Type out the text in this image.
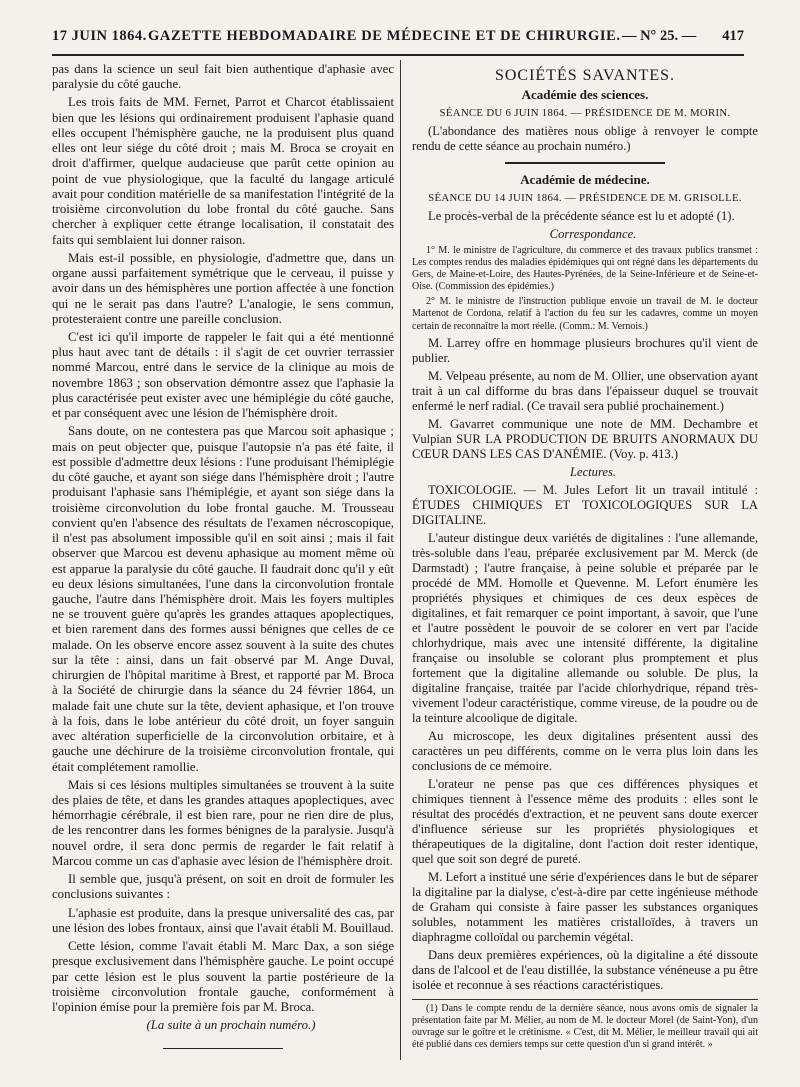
17 JUIN 1864. GAZETTE HEBDOMADAIRE DE MÉDECINE ET DE CHIRURGIE. — N° 25. — 417

pas dans la science un seul fait bien authentique d'aphasie avec paralysie du côté gauche.

Les trois faits de MM. Fernet, Parrot et Charcot établissaient bien que les lésions qui ordinairement produisent l'aphasie quand elles occupent l'hémisphère gauche, ne la produisent plus quand elles ont leur siége du côté droit ; mais M. Broca se croyait en droit d'affirmer, quelque audacieuse que parût cette opinion au point de vue physiologique, que la faculté du langage articulé avait pour condition matérielle de sa manifestation l'intégrité de la troisième circonvolution du lobe frontal du côté gauche. Sans chercher à expliquer cette étrange localisation, il constatait des faits qui semblaient lui donner raison.

Mais est-il possible, en physiologie, d'admettre que, dans un organe aussi parfaitement symétrique que le cerveau, il puisse y avoir dans un des hémisphères une portion affectée à une fonction qui ne le serait pas dans l'autre? L'analogie, le sens commun, protesteraient contre une pareille conclusion.

C'est ici qu'il importe de rappeler le fait qui a été mentionné plus haut avec tant de détails : il s'agit de cet ouvrier terrassier nommé Marcou, entré dans le service de la clinique au mois de novembre 1863 ; son observation démontre assez que l'aphasie la plus caractérisée peut exister avec une hémiplégie du côté gauche, et par conséquent avec une lésion de l'hémisphère droit.

Sans doute, on ne contestera pas que Marcou soit aphasique ; mais on peut objecter que, puisque l'autopsie n'a pas été faite, il est possible d'admettre deux lésions : l'une produisant l'hémiplégie du côté gauche, et ayant son siége dans l'hémisphère droit ; l'autre produisant l'aphasie sans l'hémiplégie, et ayant son siége dans la troisième circonvolution du lobe frontal gauche. M. Trousseau convient qu'en l'absence des résultats de l'examen nécroscopique, il n'est pas absolument impossible qu'il en soit ainsi ; mais il fait observer que Marcou est devenu aphasique au moment même où est apparue la paralysie du côté gauche. Il faudrait donc qu'il y eût eu deux lésions simultanées, l'une dans la circonvolution frontale gauche, l'autre dans l'hémisphère droit. Mais les foyers multiples ne se trouvent guère qu'après les grandes attaques apoplectiques, et bien rarement dans des formes aussi bénignes que celles de ce malade. On les observe encore assez souvent à la suite des chutes sur la tête : ainsi, dans un fait observé par M. Ange Duval, chirurgien de l'hôpital maritime à Brest, et rapporté par M. Broca à la Société de chirurgie dans la séance du 24 février 1864, un malade fait une chute sur la tête, devient aphasique, et l'on trouve à la fois, dans le lobe antérieur du côté droit, un foyer sanguin avec altération superficielle de la circonvolution orbitaire, et à gauche une déchirure de la troisième circonvolution frontale, qui était complétement ramollie.

Mais si ces lésions multiples simultanées se trouvent à la suite des plaies de tête, et dans les grandes attaques apoplectiques, avec hémorrhagie cérébrale, il est bien rare, pour ne rien dire de plus, de les rencontrer dans les formes bénignes de la paralysie. Jusqu'à nouvel ordre, il sera donc permis de regarder le fait relatif à Marcou comme un cas d'aphasie avec lésion de l'hémisphère droit.

Il semble que, jusqu'à présent, on soit en droit de formuler les conclusions suivantes :

L'aphasie est produite, dans la presque universalité des cas, par une lésion des lobes frontaux, ainsi que l'avait établi M. Bouillaud.

Cette lésion, comme l'avait établi M. Marc Dax, a son siége presque exclusivement dans l'hémisphère gauche. Le point occupé par cette lésion est le plus souvent la partie postérieure de la troisième circonvolution frontale gauche, conformément à l'opinion émise pour la première fois par M. Broca.

(La suite à un prochain numéro.)

SOCIÉTÉS SAVANTES.
Académie des sciences.
SÉANCE DU 6 JUIN 1864. — PRÉSIDENCE DE M. MORIN.

(L'abondance des matières nous oblige à renvoyer le compte rendu de cette séance au prochain numéro.)

Académie de médecine.
SÉANCE DU 14 JUIN 1864. — PRÉSIDENCE DE M. GRISOLLE.

Le procès-verbal de la précédente séance est lu et adopté (1).

Correspondance.

1° M. le ministre de l'agriculture, du commerce et des travaux publics transmet : Les comptes rendus des maladies épidémiques qui ont régné dans les départements du Gers, de Maine-et-Loire, des Hautes-Pyrénées, de la Seine-Inférieure et de Seine-et-Oise. (Commission des épidémies.)

2° M. le ministre de l'instruction publique envoie un travail de M. le docteur Martenot de Cordona, relatif à l'action du feu sur les cadavres, comme un moyen certain de reconnaître la mort réelle. (Comm.: M. Vernois.)

M. Larrey offre en hommage plusieurs brochures qu'il vient de publier.

M. Velpeau présente, au nom de M. Ollier, une observation ayant trait à un cal difforme du bras dans l'épaisseur duquel se trouvait enfermé le nerf radial. (Ce travail sera publié prochainement.)

M. Gavarret communique une note de MM. Dechambre et Vulpian SUR LA PRODUCTION DE BRUITS ANORMAUX DU CŒUR DANS LES CAS D'ANÉMIE. (Voy. p. 413.)

Lectures.

TOXICOLOGIE. — M. Jules Lefort lit un travail intitulé : ÉTUDES CHIMIQUES ET TOXICOLOGIQUES SUR LA DIGITALINE.

L'auteur distingue deux variétés de digitalines : l'une allemande, très-soluble dans l'eau, préparée exclusivement par M. Merck (de Darmstadt) ; l'autre française, à peine soluble et préparée par le procédé de MM. Homolle et Quevenne. M. Lefort énumère les propriétés physiques et chimiques de ces deux espèces de digitalines, et fait remarquer ce point important, à savoir, que l'une et l'autre possèdent le pouvoir de se colorer en vert par l'acide chlorhydrique, mais avec une intensité différente, la digitaline française ou insoluble se colorant plus promptement et plus fortement que la digitaline allemande ou soluble. De plus, la digitaline française, traitée par l'acide chlorhydrique, répand très-vivement l'odeur caractéristique, comme vireuse, de la poudre ou de la teinture alcoolique de digitale.

Au microscope, les deux digitalines présentent aussi des caractères un peu différents, comme on le verra plus loin dans les conclusions de ce mémoire.

L'orateur ne pense pas que ces différences physiques et chimiques tiennent à l'essence même des produits : elles sont le résultat des procédés d'extraction, et ne peuvent sans doute exercer d'influence sérieuse sur les propriétés physiologiques et thérapeutiques de la digitaline, dont l'action doit rester identique, quel que soit son degré de pureté.

M. Lefort a institué une série d'expériences dans le but de séparer la digitaline par la dialyse, c'est-à-dire par cette ingénieuse méthode de Graham qui consiste à faire passer les substances organiques solubles, notamment les matières cristalloïdes, à travers un diaphragme colloïdal ou parchemin végétal.

Dans deux premières expériences, où la digitaline a été dissoute dans de l'alcool et de l'eau distillée, la substance vénéneuse a pu être isolée et reconnue à ses réactions caractéristiques.

(1) Dans le compte rendu de la dernière séance, nous avons omis de signaler la présentation faite par M. Mélier, au nom de M. le docteur Morel (de Saint-Yon), d'un ouvrage sur le goître et le crétinisme. « C'est, dit M. Mélier, le meilleur travail qui ait été publié dans ces derniers temps sur cette question d'un si grand intérêt. »
